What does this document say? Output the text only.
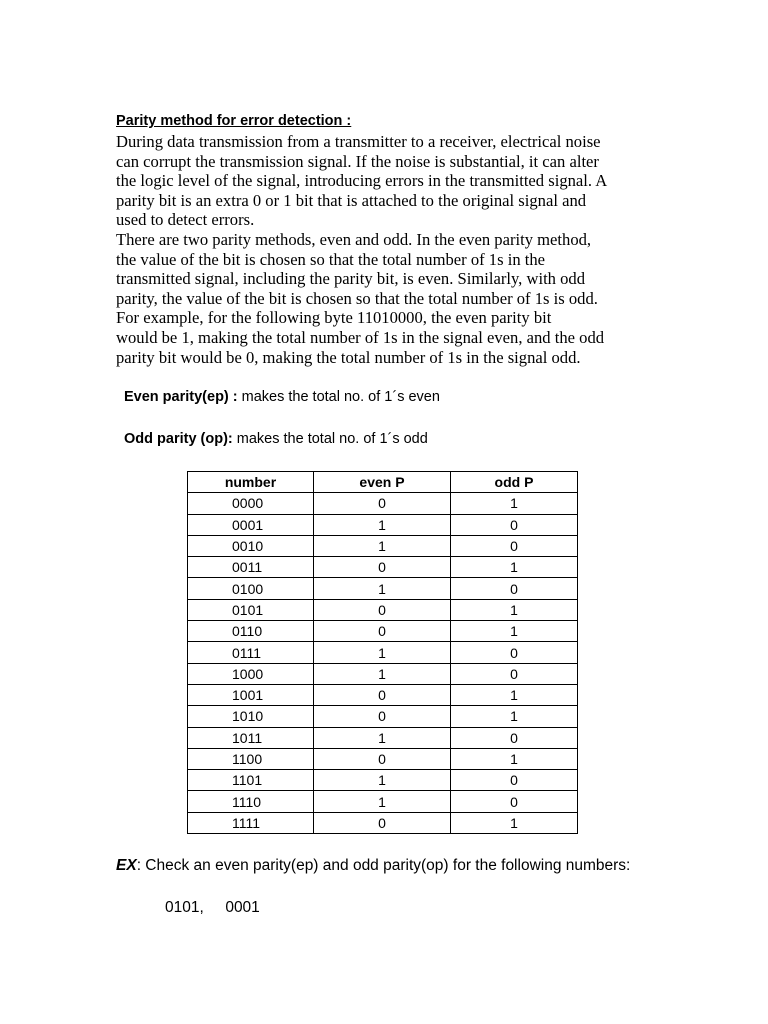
Parity method for error detection :
During data transmission from a transmitter to a receiver, electrical noise
can corrupt the transmission signal. If the noise is substantial, it can alter
the logic level of the signal, introducing errors in the transmitted signal. A
parity bit is an extra 0 or 1 bit that is attached to the original signal and
used to detect errors.
There are two parity methods, even and odd. In the even parity method,
the value of the bit is chosen so that the total number of 1s in the
transmitted signal, including the parity bit, is even. Similarly, with odd
parity, the value of the bit is chosen so that the total number of 1s is odd.
For example, for the following byte 11010000, the even parity bit
would be 1, making the total number of 1s in the signal even, and the odd
parity bit would be 0, making the total number of 1s in the signal odd.
Even parity(ep) : makes the total no. of 1´s even
Odd parity (op): makes the total no. of 1´s odd
number	even P	odd P
0000	0	1
0001	1	0
0010	1	0
0011	0	1
0100	1	0
0101	0	1
0110	0	1
0111	1	0
1000	1	0
1001	0	1
1010	0	1
1011	1	0
1100	0	1
1101	1	0
1110	1	0
1111	0	1
EX: Check an even parity(ep) and odd parity(op) for the following numbers:
0101,     0001
